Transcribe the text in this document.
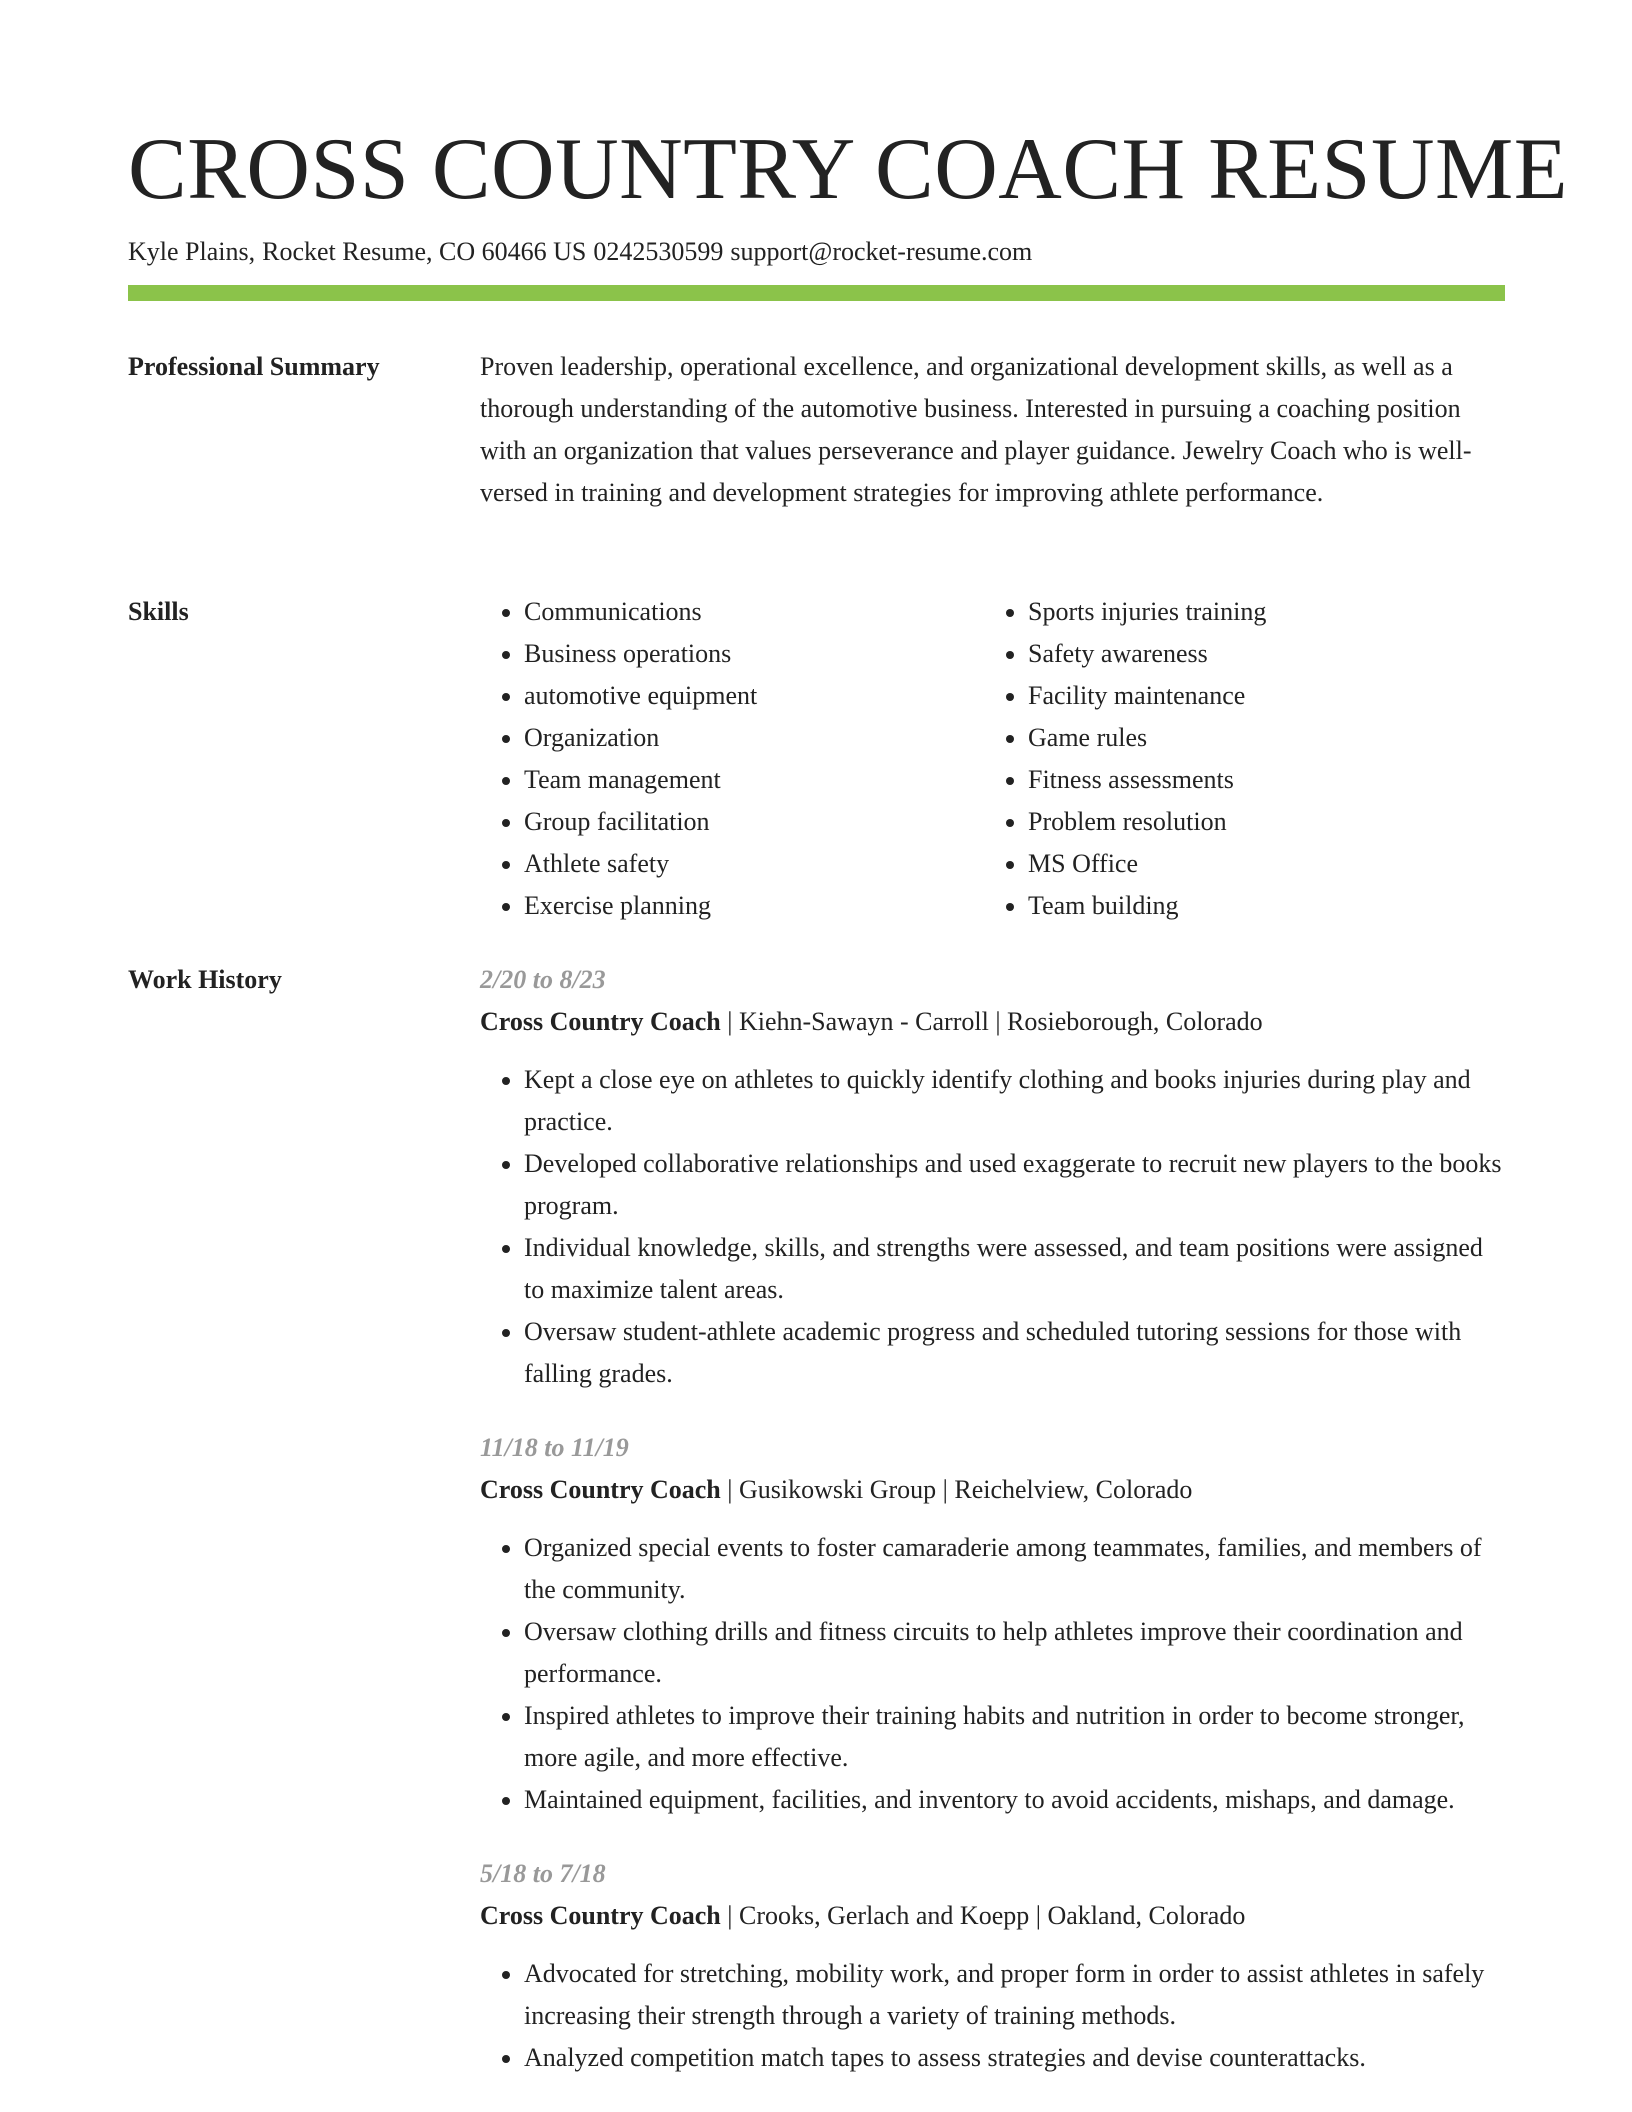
CROSS COUNTRY COACH RESUME
Kyle Plains, Rocket Resume, CO 60466 US 0242530599 support@rocket-resume.com
Professional Summary	Proven leadership, operational excellence, and organizational development skills, as well as a thorough understanding of the automotive business. Interested in pursuing a coaching position with an organization that values perseverance and player guidance. Jewelry Coach who is well-versed in training and development strategies for improving athlete performance.

Skills
•	Communications
• Business operations
• automotive equipment
• Organization
• Team management
• Group facilitation
• Athlete safety
• Exercise planning
• Sports injuries training
• Safety awareness
• Facility maintenance
• Game rules
• Fitness assessments
• Problem resolution
• MS Office
• Team building
Work History	2/20 to 8/23
Cross Country Coach | Kiehn-Sawayn - Carroll | Rosieborough, Colorado
• Kept a close eye on athletes to quickly identify clothing and books injuries during play and practice.
• Developed collaborative relationships and used exaggerate to recruit new players to the books program.
• Individual knowledge, skills, and strengths were assessed, and team positions were assigned to maximize talent areas.
• Oversaw student-athlete academic progress and scheduled tutoring sessions for those with falling grades.
11/18 to 11/19
Cross Country Coach | Gusikowski Group | Reichelview, Colorado
• Organized special events to foster camaraderie among teammates, families, and members of the community.
• Oversaw clothing drills and fitness circuits to help athletes improve their coordination and performance.
• Inspired athletes to improve their training habits and nutrition in order to become stronger, more agile, and more effective.
• Maintained equipment, facilities, and inventory to avoid accidents, mishaps, and damage.
5/18 to 7/18
Cross Country Coach | Crooks, Gerlach and Koepp | Oakland, Colorado
• Advocated for stretching, mobility work, and proper form in order to assist athletes in safely increasing their strength through a variety of training methods.
• Analyzed competition match tapes to assess strategies and devise counterattacks.
